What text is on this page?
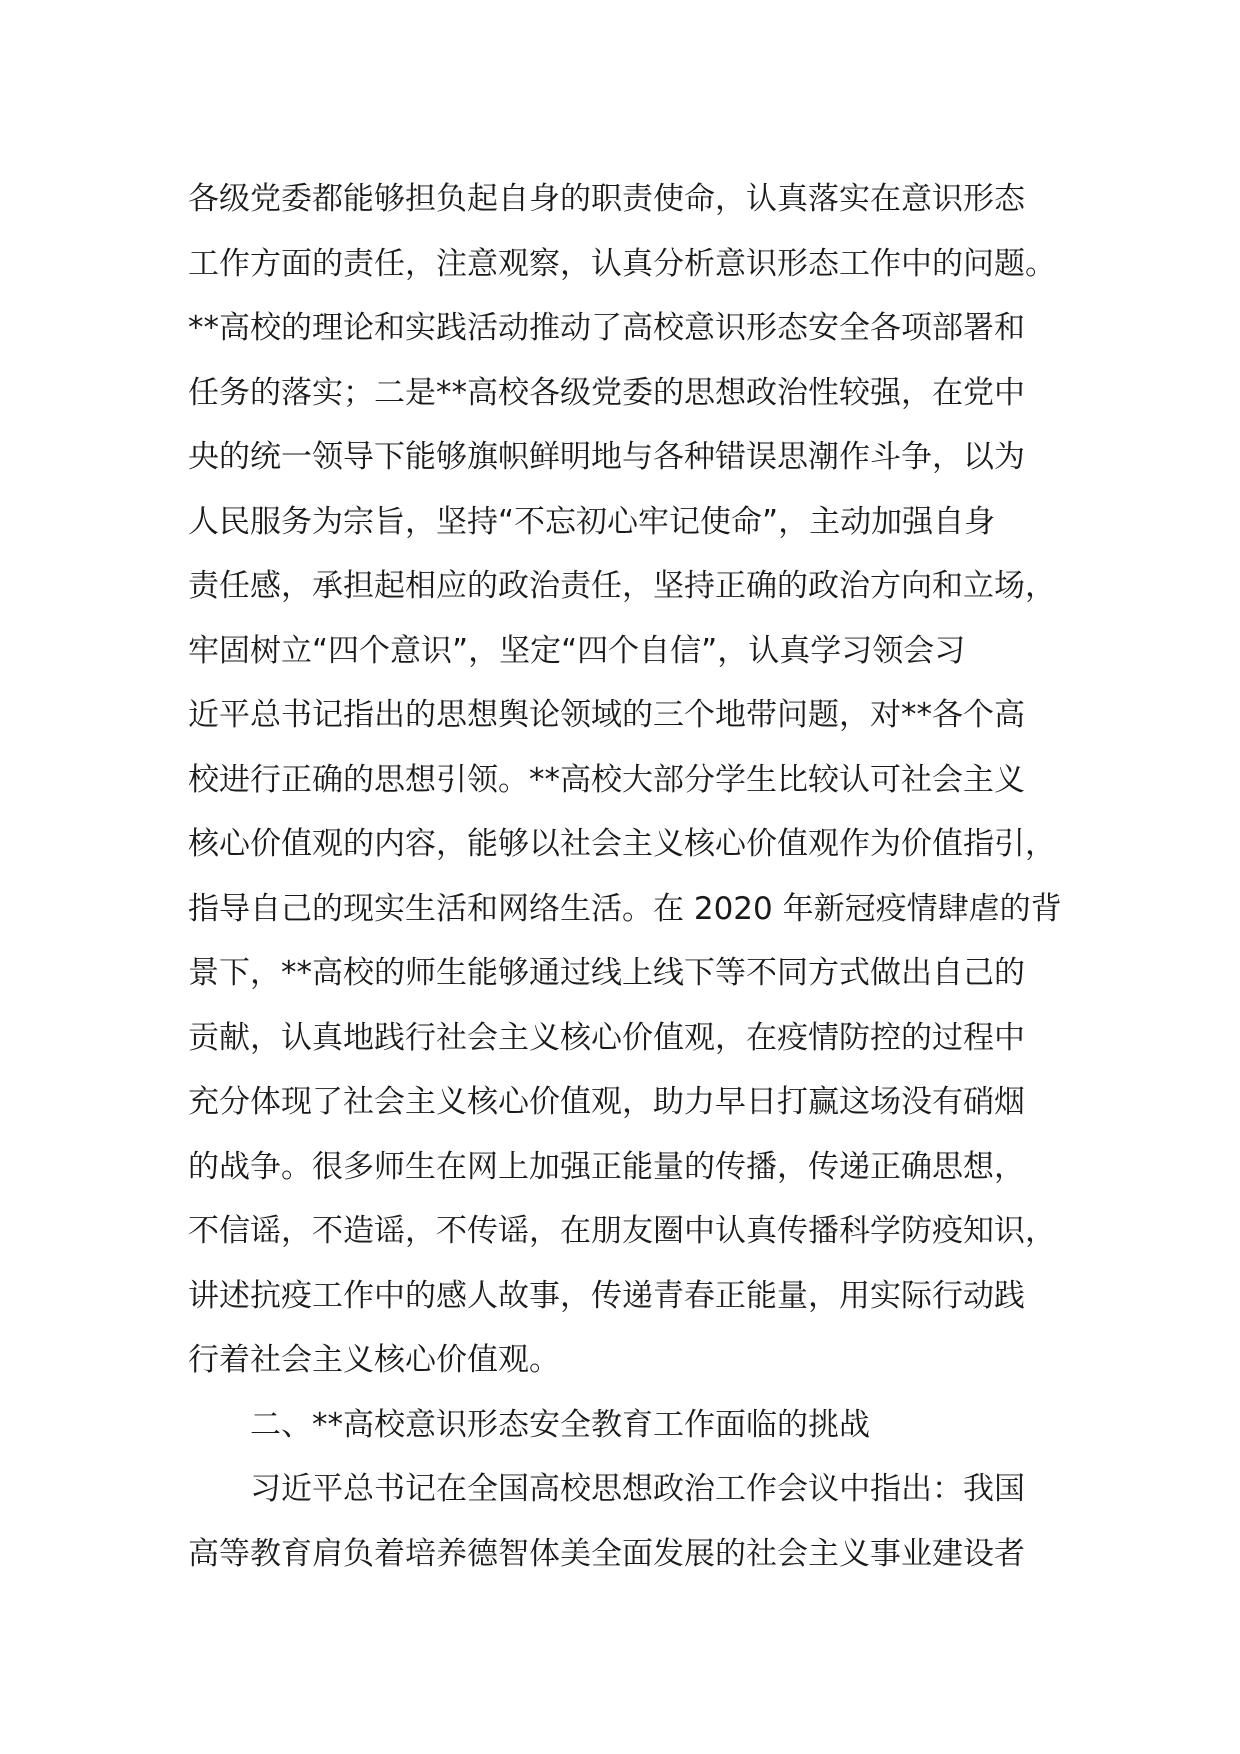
各级党委都能够担负起自身的职责使命，认真落实在意识形态
工作方面的责任，注意观察，认真分析意识形态工作中的问题。
**高校的理论和实践活动推动了高校意识形态安全各项部署和
任务的落实；二是**高校各级党委的思想政治性较强，在党中
央的统一领导下能够旗帜鲜明地与各种错误思潮作斗争，以为
人民服务为宗旨，坚持“不忘初心牢记使命”，主动加强自身
责任感，承担起相应的政治责任，坚持正确的政治方向和立场，
牢固树立“四个意识”，坚定“四个自信”，认真学习领会习
近平总书记指出的思想舆论领域的三个地带问题，对**各个高
校进行正确的思想引领。**高校大部分学生比较认可社会主义
核心价值观的内容，能够以社会主义核心价值观作为价值指引，
指导自己的现实生活和网络生活。在 2020 年新冠疫情肆虐的背
景下，**高校的师生能够通过线上线下等不同方式做出自己的
贡献，认真地践行社会主义核心价值观，在疫情防控的过程中
充分体现了社会主义核心价值观，助力早日打赢这场没有硝烟
的战争。很多师生在网上加强正能量的传播，传递正确思想，
不信谣，不造谣，不传谣，在朋友圈中认真传播科学防疫知识，
讲述抗疫工作中的感人故事，传递青春正能量，用实际行动践
行着社会主义核心价值观。
二、**高校意识形态安全教育工作面临的挑战
习近平总书记在全国高校思想政治工作会议中指出：我国
高等教育肩负着培养德智体美全面发展的社会主义事业建设者
